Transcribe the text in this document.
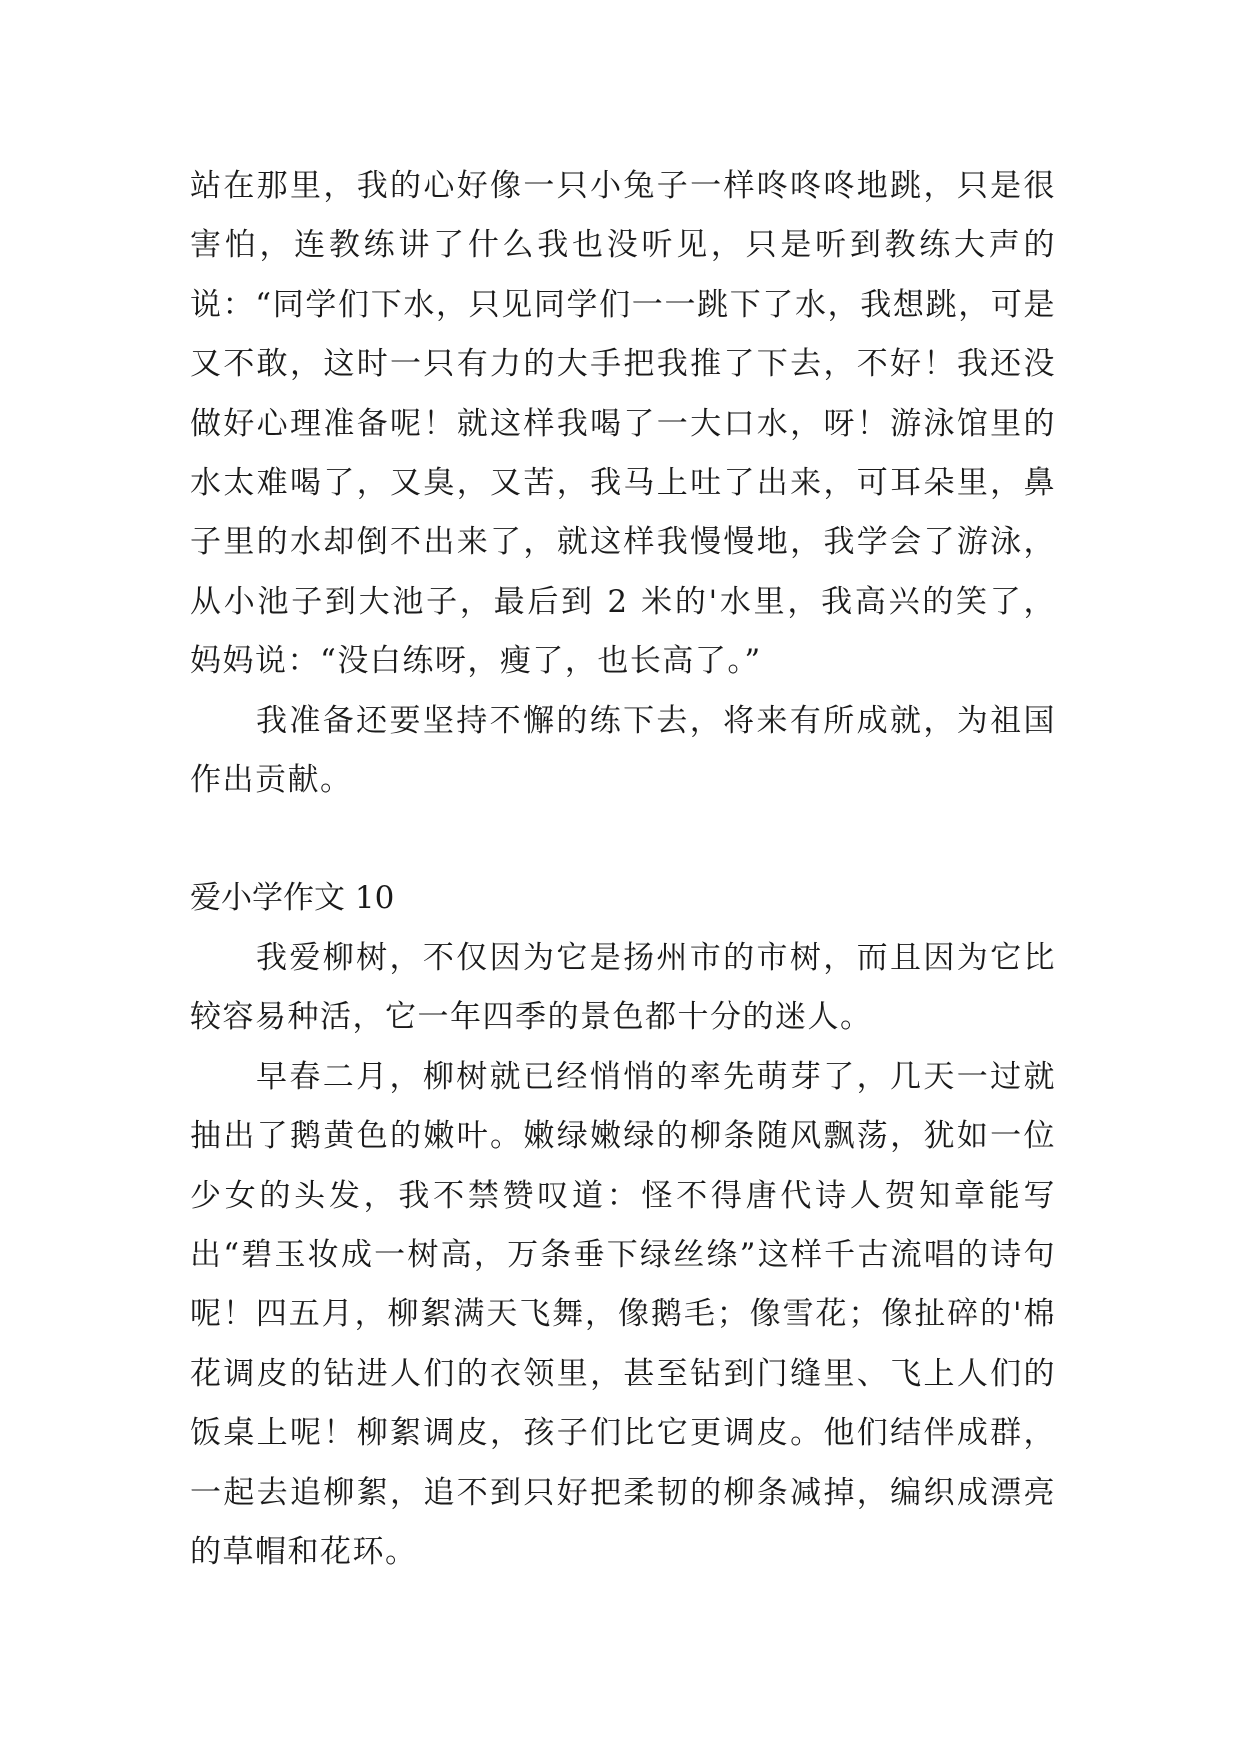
站在那里，我的心好像一只小兔子一样咚咚咚地跳，只是很害怕，连教练讲了什么我也没听见，只是听到教练大声的说：“同学们下水，只见同学们一一跳下了水，我想跳，可是又不敢，这时一只有力的大手把我推了下去，不好！我还没做好心理准备呢！就这样我喝了一大口水，呀！游泳馆里的水太难喝了，又臭，又苦，我马上吐了出来，可耳朵里，鼻子里的水却倒不出来了，就这样我慢慢地，我学会了游泳，从小池子到大池子，最后到 2 米的'水里，我高兴的笑了，妈妈说：“没白练呀，瘦了，也长高了。”

我准备还要坚持不懈的练下去，将来有所成就，为祖国作出贡献。

爱小学作文 10

我爱柳树，不仅因为它是扬州市的市树，而且因为它比较容易种活，它一年四季的景色都十分的迷人。

早春二月，柳树就已经悄悄的率先萌芽了，几天一过就抽出了鹅黄色的嫩叶。嫩绿嫩绿的柳条随风飘荡，犹如一位少女的头发，我不禁赞叹道：怪不得唐代诗人贺知章能写出“碧玉妆成一树高，万条垂下绿丝绦”这样千古流唱的诗句呢！四五月，柳絮满天飞舞，像鹅毛；像雪花；像扯碎的'棉花调皮的钻进人们的衣领里，甚至钻到门缝里、飞上人们的饭桌上呢！柳絮调皮，孩子们比它更调皮。他们结伴成群，一起去追柳絮，追不到只好把柔韧的柳条减掉，编织成漂亮的草帽和花环。
